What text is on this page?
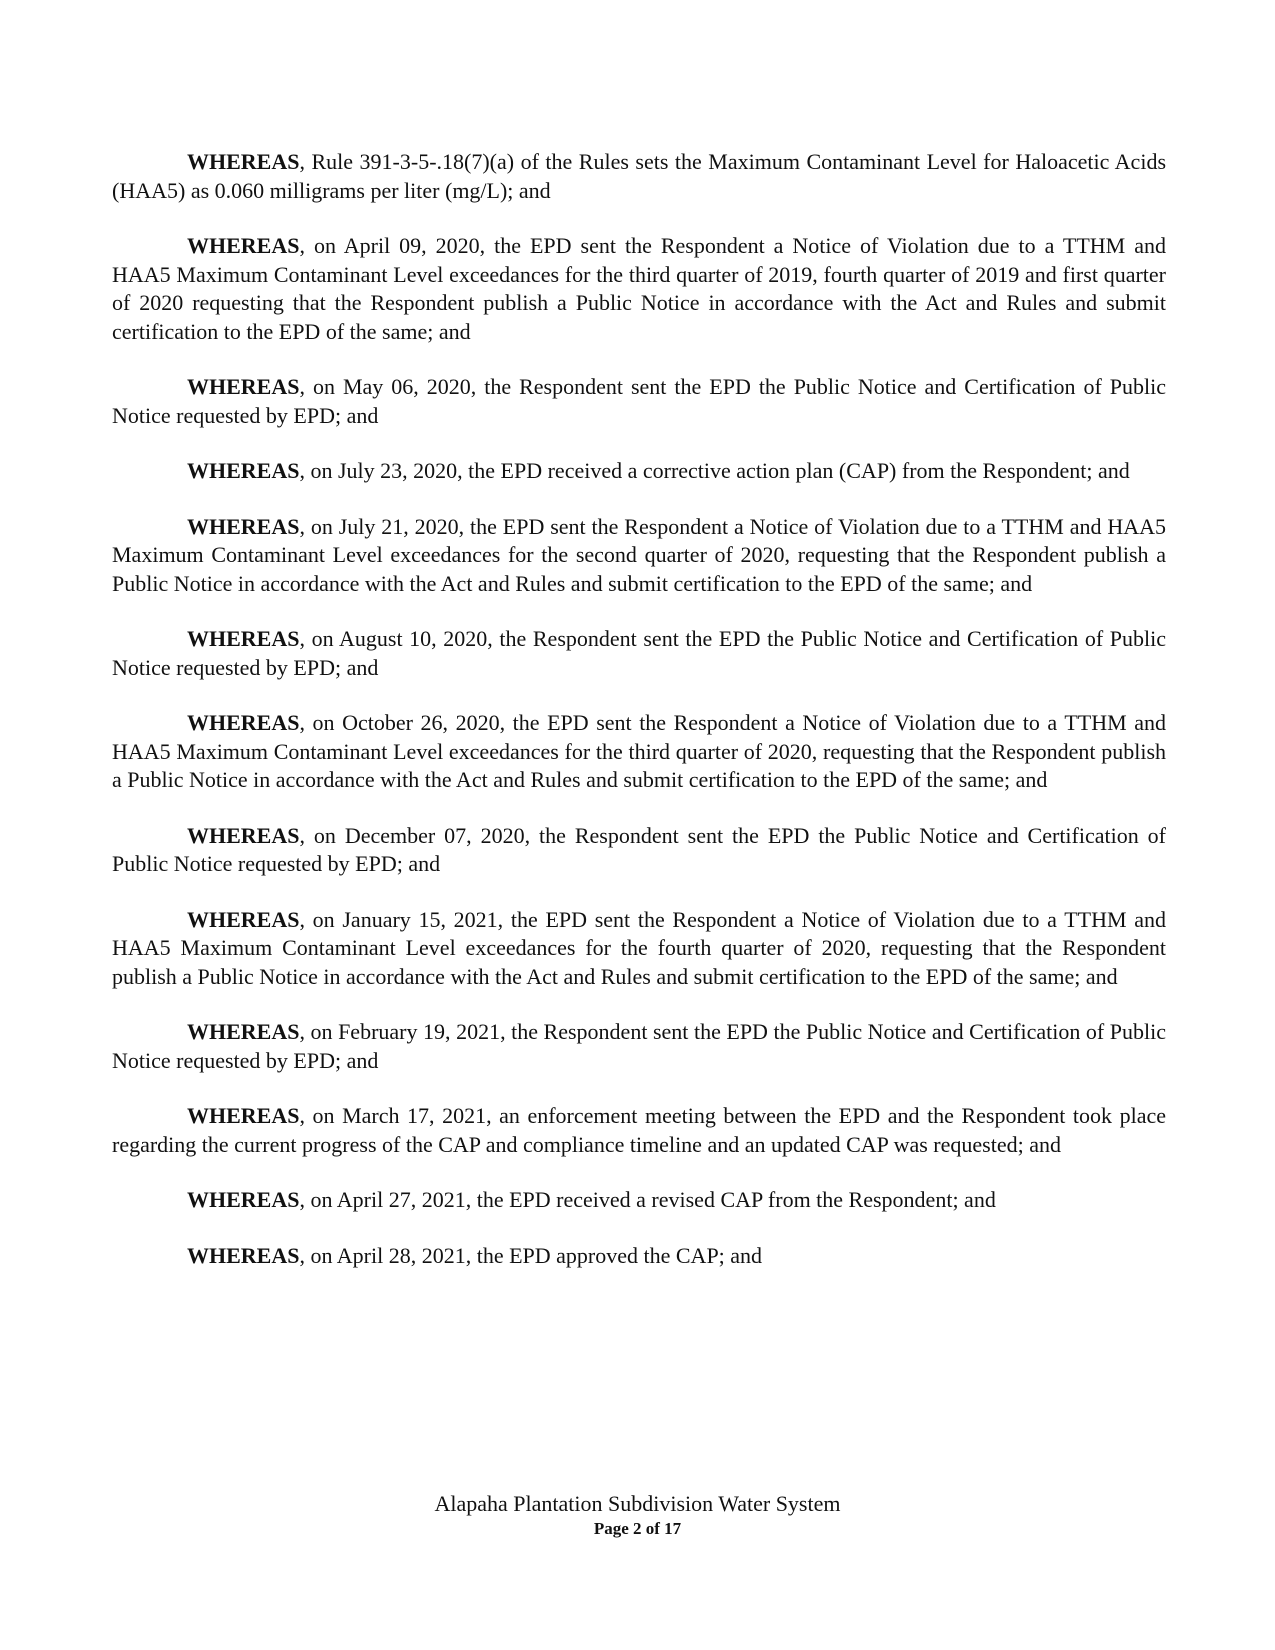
WHEREAS, Rule 391-3-5-.18(7)(a) of the Rules sets the Maximum Contaminant Level for Haloacetic Acids (HAA5) as 0.060 milligrams per liter (mg/L); and

WHEREAS, on April 09, 2020, the EPD sent the Respondent a Notice of Violation due to a TTHM and HAA5 Maximum Contaminant Level exceedances for the third quarter of 2019, fourth quarter of 2019 and first quarter of 2020 requesting that the Respondent publish a Public Notice in accordance with the Act and Rules and submit certification to the EPD of the same; and

WHEREAS, on May 06, 2020, the Respondent sent the EPD the Public Notice and Certification of Public Notice requested by EPD; and

WHEREAS, on July 23, 2020, the EPD received a corrective action plan (CAP) from the Respondent; and

WHEREAS, on July 21, 2020, the EPD sent the Respondent a Notice of Violation due to a TTHM and HAA5 Maximum Contaminant Level exceedances for the second quarter of 2020, requesting that the Respondent publish a Public Notice in accordance with the Act and Rules and submit certification to the EPD of the same; and

WHEREAS, on August 10, 2020, the Respondent sent the EPD the Public Notice and Certification of Public Notice requested by EPD; and

WHEREAS, on October 26, 2020, the EPD sent the Respondent a Notice of Violation due to a TTHM and HAA5 Maximum Contaminant Level exceedances for the third quarter of 2020, requesting that the Respondent publish a Public Notice in accordance with the Act and Rules and submit certification to the EPD of the same; and

WHEREAS, on December 07, 2020, the Respondent sent the EPD the Public Notice and Certification of Public Notice requested by EPD; and

WHEREAS, on January 15, 2021, the EPD sent the Respondent a Notice of Violation due to a TTHM and HAA5 Maximum Contaminant Level exceedances for the fourth quarter of 2020, requesting that the Respondent publish a Public Notice in accordance with the Act and Rules and submit certification to the EPD of the same; and

WHEREAS, on February 19, 2021, the Respondent sent the EPD the Public Notice and Certification of Public Notice requested by EPD; and

WHEREAS, on March 17, 2021, an enforcement meeting between the EPD and the Respondent took place regarding the current progress of the CAP and compliance timeline and an updated CAP was requested; and

WHEREAS, on April 27, 2021, the EPD received a revised CAP from the Respondent; and

WHEREAS, on April 28, 2021, the EPD approved the CAP; and

Alapaha Plantation Subdivision Water System
Page 2 of 17
